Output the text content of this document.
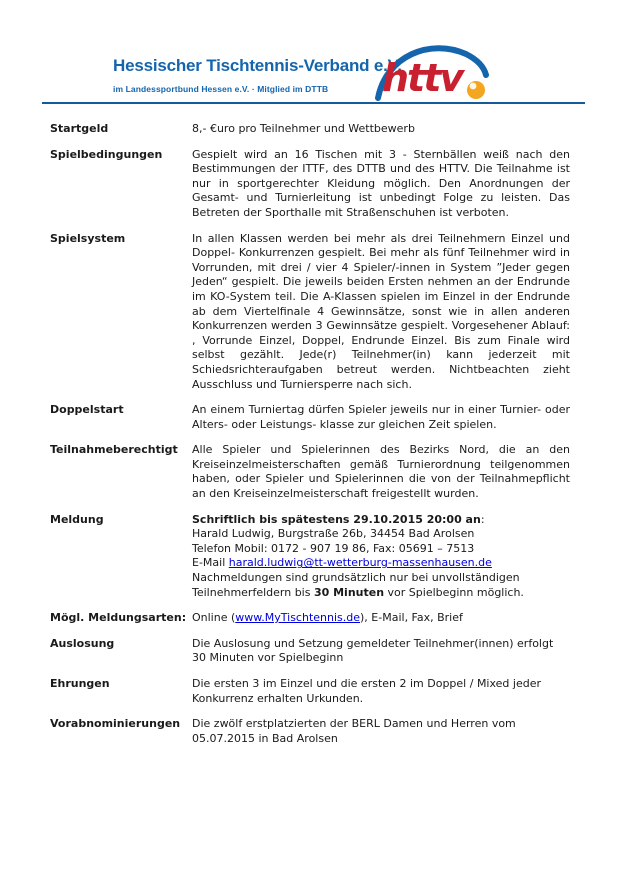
Hessischer Tischtennis-Verband e.V.
im Landessportbund Hessen e.V. · Mitglied im DTTB httv
Startgeld	8,- €uro pro Teilnehmer und Wettbewerb
Spielbedingungen	Gespielt wird an 16 Tischen mit 3 - Sternbällen weiß nach den Bestimmungen der ITTF, des DTTB und des HTTV. Die Teilnahme ist nur in sportgerechter Kleidung möglich. Den Anordnungen der Gesamt- und Turnierleitung ist unbedingt Folge zu leisten. Das Betreten der Sporthalle mit Straßenschuhen ist verboten.
Spielsystem	In allen Klassen werden bei mehr als drei Teilnehmern Einzel und Doppel- Konkurrenzen gespielt. Bei mehr als fünf Teilnehmer wird in Vorrunden, mit drei / vier 4 Spieler/-innen in System ”Jeder gegen Jeden“ gespielt. Die jeweils beiden Ersten nehmen an der Endrunde im KO-System teil. Die A-Klassen spielen im Einzel in der Endrunde ab dem Viertelfinale 4 Gewinnsätze, sonst wie in allen anderen Konkurrenzen werden 3 Gewinnsätze gespielt. Vorgesehener Ablauf: , Vorrunde Einzel, Doppel, Endrunde Einzel. Bis zum Finale wird selbst gezählt. Jede(r) Teilnehmer(in) kann jederzeit mit Schiedsrichteraufgaben betreut werden. Nichtbeachten zieht Ausschluss und Turniersperre nach sich.
Doppelstart	An einem Turniertag dürfen Spieler jeweils nur in einer Turnier- oder Alters- oder Leistungs- klasse zur gleichen Zeit spielen.
Teilnahmeberechtigt	Alle Spieler und Spielerinnen des Bezirks Nord, die an den Kreiseinzelmeisterschaften gemäß Turnierordnung teilgenommen haben, oder Spieler und Spielerinnen die von der Teilnahmepflicht an den Kreiseinzelmeisterschaft freigestellt wurden.
Meldung	Schriftlich bis spätestens 29.10.2015 20:00 an:
Harald Ludwig, Burgstraße 26b, 34454 Bad Arolsen
Telefon Mobil: 0172 - 907 19 86, Fax: 05691 – 7513
E-Mail harald.ludwig@tt-wetterburg-massenhausen.de
Nachmeldungen sind grundsätzlich nur bei unvollständigen Teilnehmerfeldern bis 30 Minuten vor Spielbeginn möglich.
Mögl. Meldungsarten: Online (www.MyTischtennis.de), E-Mail, Fax, Brief
Auslosung	Die Auslosung und Setzung gemeldeter Teilnehmer(innen) erfolgt 30 Minuten vor Spielbeginn
Ehrungen	Die ersten 3 im Einzel und die ersten 2 im Doppel / Mixed jeder Konkurrenz erhalten Urkunden.
Vorabnominierungen	Die zwölf erstplatzierten der BERL Damen und Herren vom 05.07.2015 in Bad Arolsen
